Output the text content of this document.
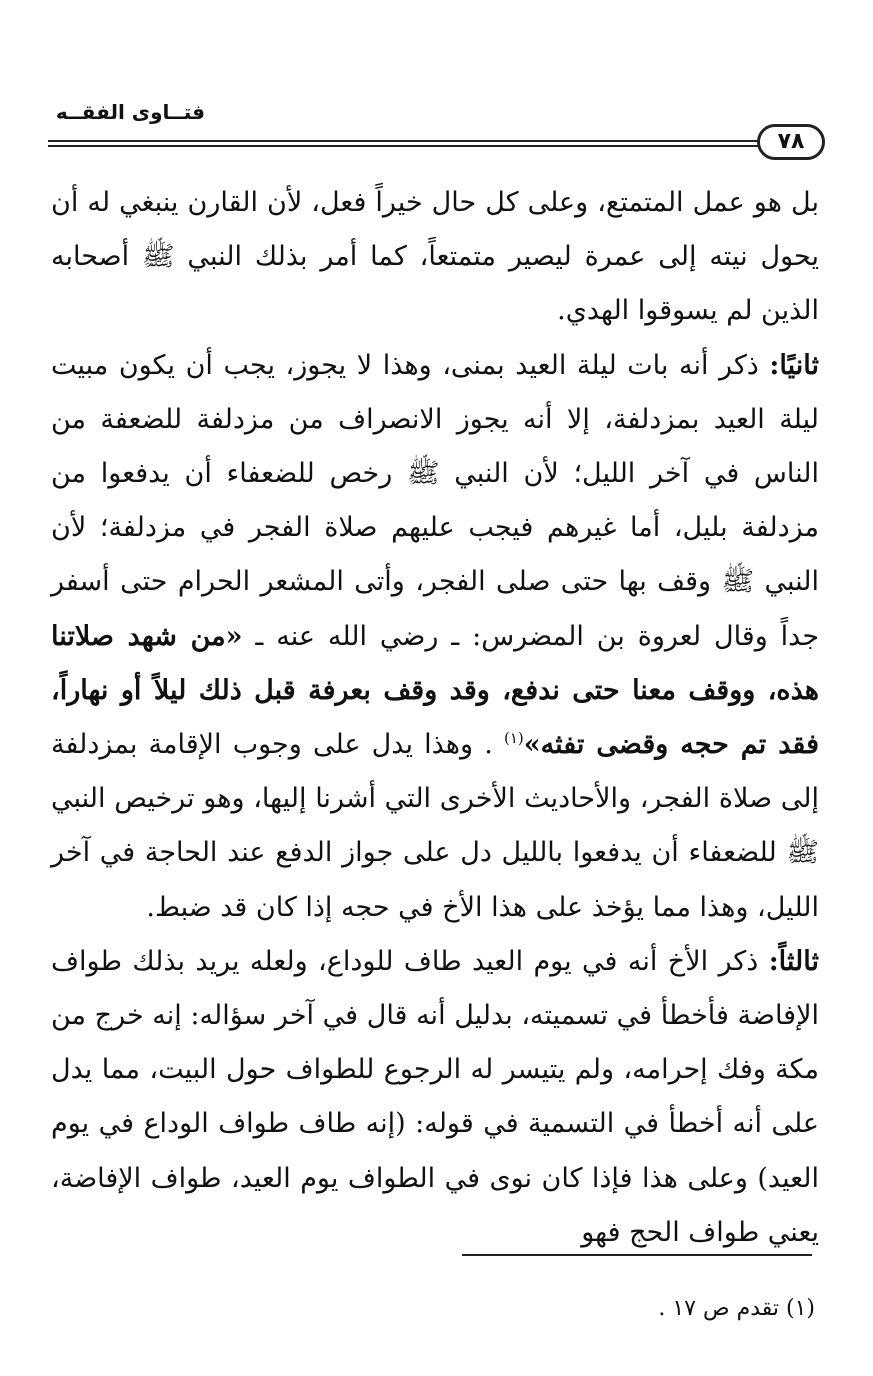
فتــاوى الفقــه
٧٨

بل هو عمل المتمتع، وعلى كل حال خيراً فعل، لأن القارن ينبغي له أن يحول نيته إلى عمرة ليصير متمتعاً، كما أمر بذلك النبي ﷺ أصحابه الذين لم يسوقوا الهدي.

ثانيًا: ذكر أنه بات ليلة العيد بمنى، وهذا لا يجوز، يجب أن يكون مبيت ليلة العيد بمزدلفة، إلا أنه يجوز الانصراف من مزدلفة للضعفة من الناس في آخر الليل؛ لأن النبي ﷺ رخص للضعفاء أن يدفعوا من مزدلفة بليل، أما غيرهم فيجب عليهم صلاة الفجر في مزدلفة؛ لأن النبي ﷺ وقف بها حتى صلى الفجر، وأتى المشعر الحرام حتى أسفر جداً وقال لعروة بن المضرس: ـ رضي الله عنه ـ «من شهد صلاتنا هذه، ووقف معنا حتى ندفع، وقد وقف بعرفة قبل ذلك ليلاً أو نهاراً، فقد تم حجه وقضى تفثه»$^{(١)}$ . وهذا يدل على وجوب الإقامة بمزدلفة إلى صلاة الفجر، والأحاديث الأخرى التي أشرنا إليها، وهو ترخيص النبي ﷺ للضعفاء أن يدفعوا بالليل دل على جواز الدفع عند الحاجة في آخر الليل، وهذا مما يؤخذ على هذا الأخ في حجه إذا كان قد ضبط.

ثالثاً: ذكر الأخ أنه في يوم العيد طاف للوداع، ولعله يريد بذلك طواف الإفاضة فأخطأ في تسميته، بدليل أنه قال في آخر سؤاله: إنه خرج من مكة وفك إحرامه، ولم يتيسر له الرجوع للطواف حول البيت، مما يدل على أنه أخطأ في التسمية في قوله: (إنه طاف طواف الوداع في يوم العيد) وعلى هذا فإذا كان نوى في الطواف يوم العيد، طواف الإفاضة، يعني طواف الحج فهو

(١) تقدم ص ١٧ .
